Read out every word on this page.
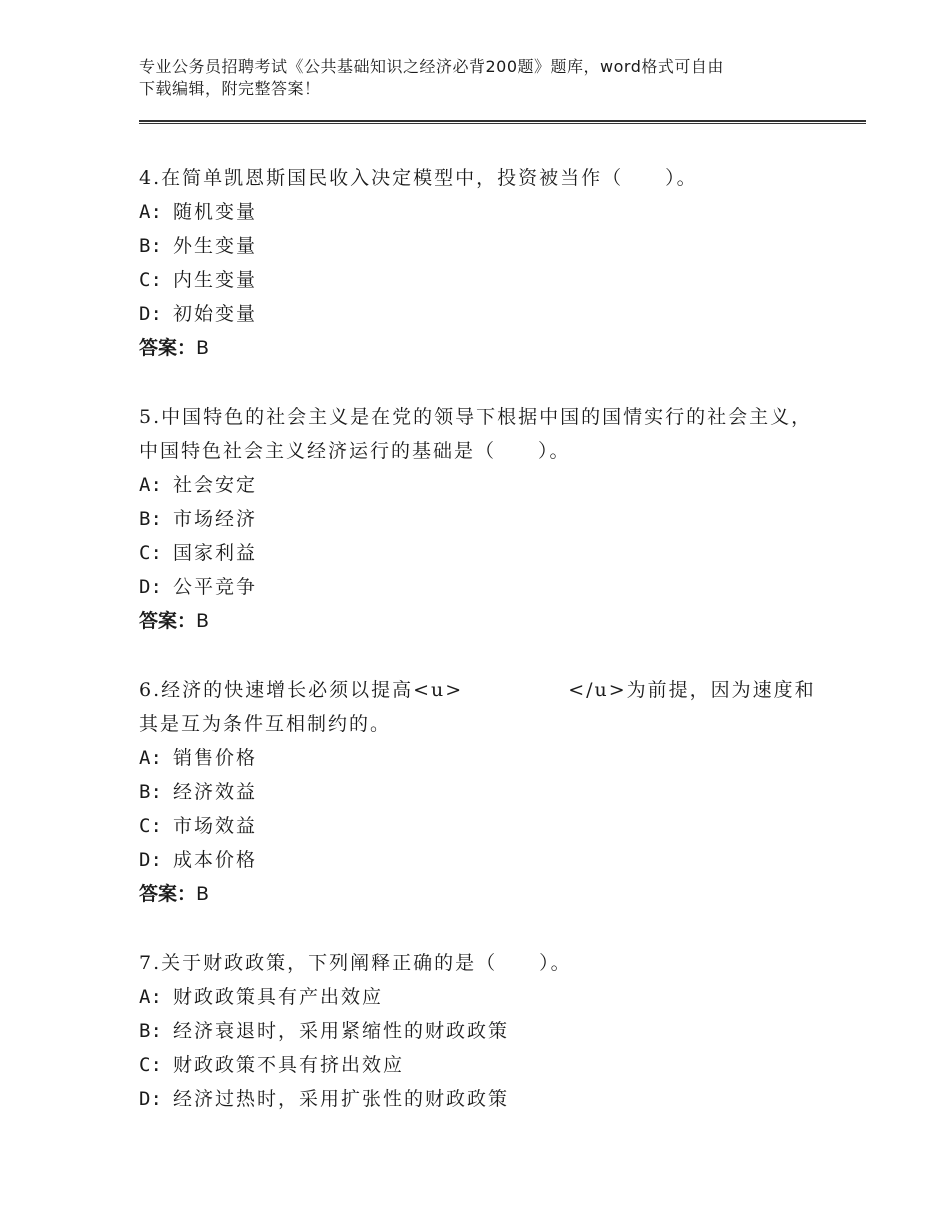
专业公务员招聘考试《公共基础知识之经济必背200题》题库，word格式可自由
下载编辑，附完整答案！

4.在简单凯恩斯国民收入决定模型中，投资被当作（　　）。

A: 随机变量

B: 外生变量

C: 内生变量

D: 初始变量

答案：B

5.中国特色的社会主义是在党的领导下根据中国的国情实行的社会主义，中国特色社会主义经济运行的基础是（　　）。

A: 社会安定

B: 市场经济

C: 国家利益

D: 公平竞争

答案：B

6.经济的快速增长必须以提高<u>　　　　　</u>为前提，因为速度和其是互为条件互相制约的。

A: 销售价格

B: 经济效益

C: 市场效益

D: 成本价格

答案：B

7.关于财政政策，下列阐释正确的是（　　）。

A: 财政政策具有产出效应

B: 经济衰退时，采用紧缩性的财政政策

C: 财政政策不具有挤出效应

D: 经济过热时，采用扩张性的财政政策
